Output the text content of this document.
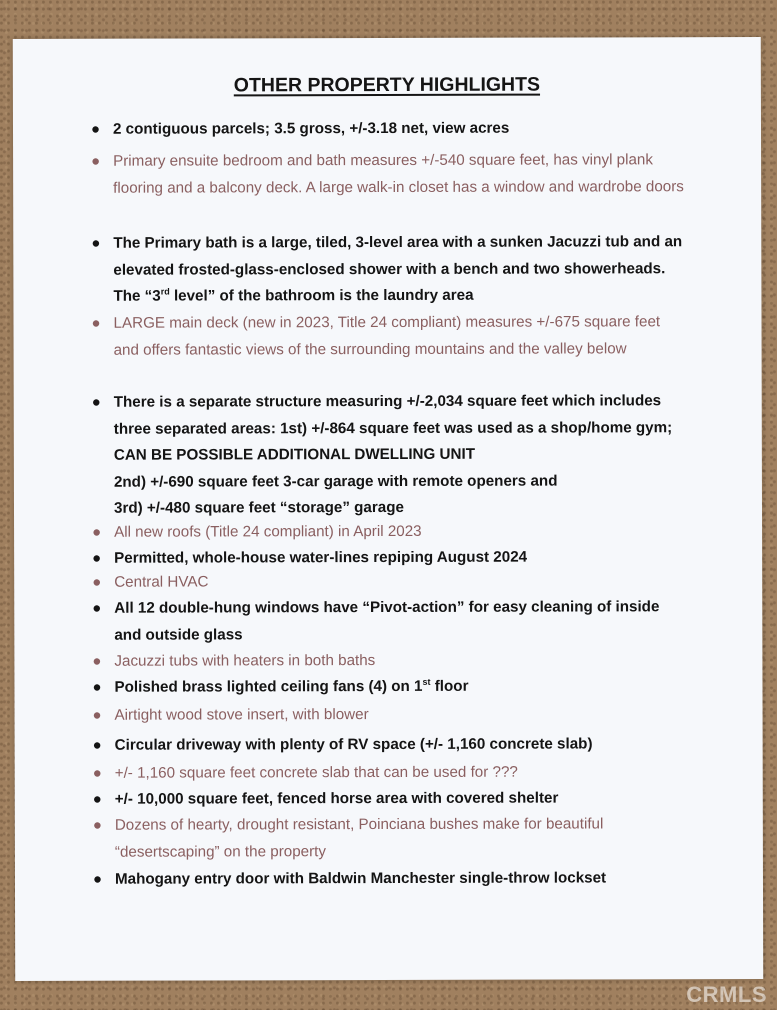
OTHER PROPERTY HIGHLIGHTS
● 2 contiguous parcels; 3.5 gross, +/-3.18 net, view acres
● Primary ensuite bedroom and bath measures +/-540 square feet, has vinyl plank flooring and a balcony deck. A large walk-in closet has a window and wardrobe doors
● The Primary bath is a large, tiled, 3-level area with a sunken Jacuzzi tub and an elevated frosted-glass-enclosed shower with a bench and two showerheads. The “3rd level” of the bathroom is the laundry area
● LARGE main deck (new in 2023, Title 24 compliant) measures +/-675 square feet and offers fantastic views of the surrounding mountains and the valley below
● There is a separate structure measuring +/-2,034 square feet which includes three separated areas: 1st) +/-864 square feet was used as a shop/home gym; CAN BE POSSIBLE ADDITIONAL DWELLING UNIT
2nd) +/-690 square feet 3-car garage with remote openers and
3rd) +/-480 square feet “storage” garage
● All new roofs (Title 24 compliant) in April 2023
● Permitted, whole-house water-lines repiping August 2024
● Central HVAC
● All 12 double-hung windows have “Pivot-action” for easy cleaning of inside and outside glass
● Jacuzzi tubs with heaters in both baths
● Polished brass lighted ceiling fans (4) on 1st floor
● Airtight wood stove insert, with blower
● Circular driveway with plenty of RV space (+/- 1,160 concrete slab)
● +/- 1,160 square feet concrete slab that can be used for ???
● +/- 10,000 square feet, fenced horse area with covered shelter
● Dozens of hearty, drought resistant, Poinciana bushes make for beautiful “desertscaping” on the property
● Mahogany entry door with Baldwin Manchester single-throw lockset
CRMLS
